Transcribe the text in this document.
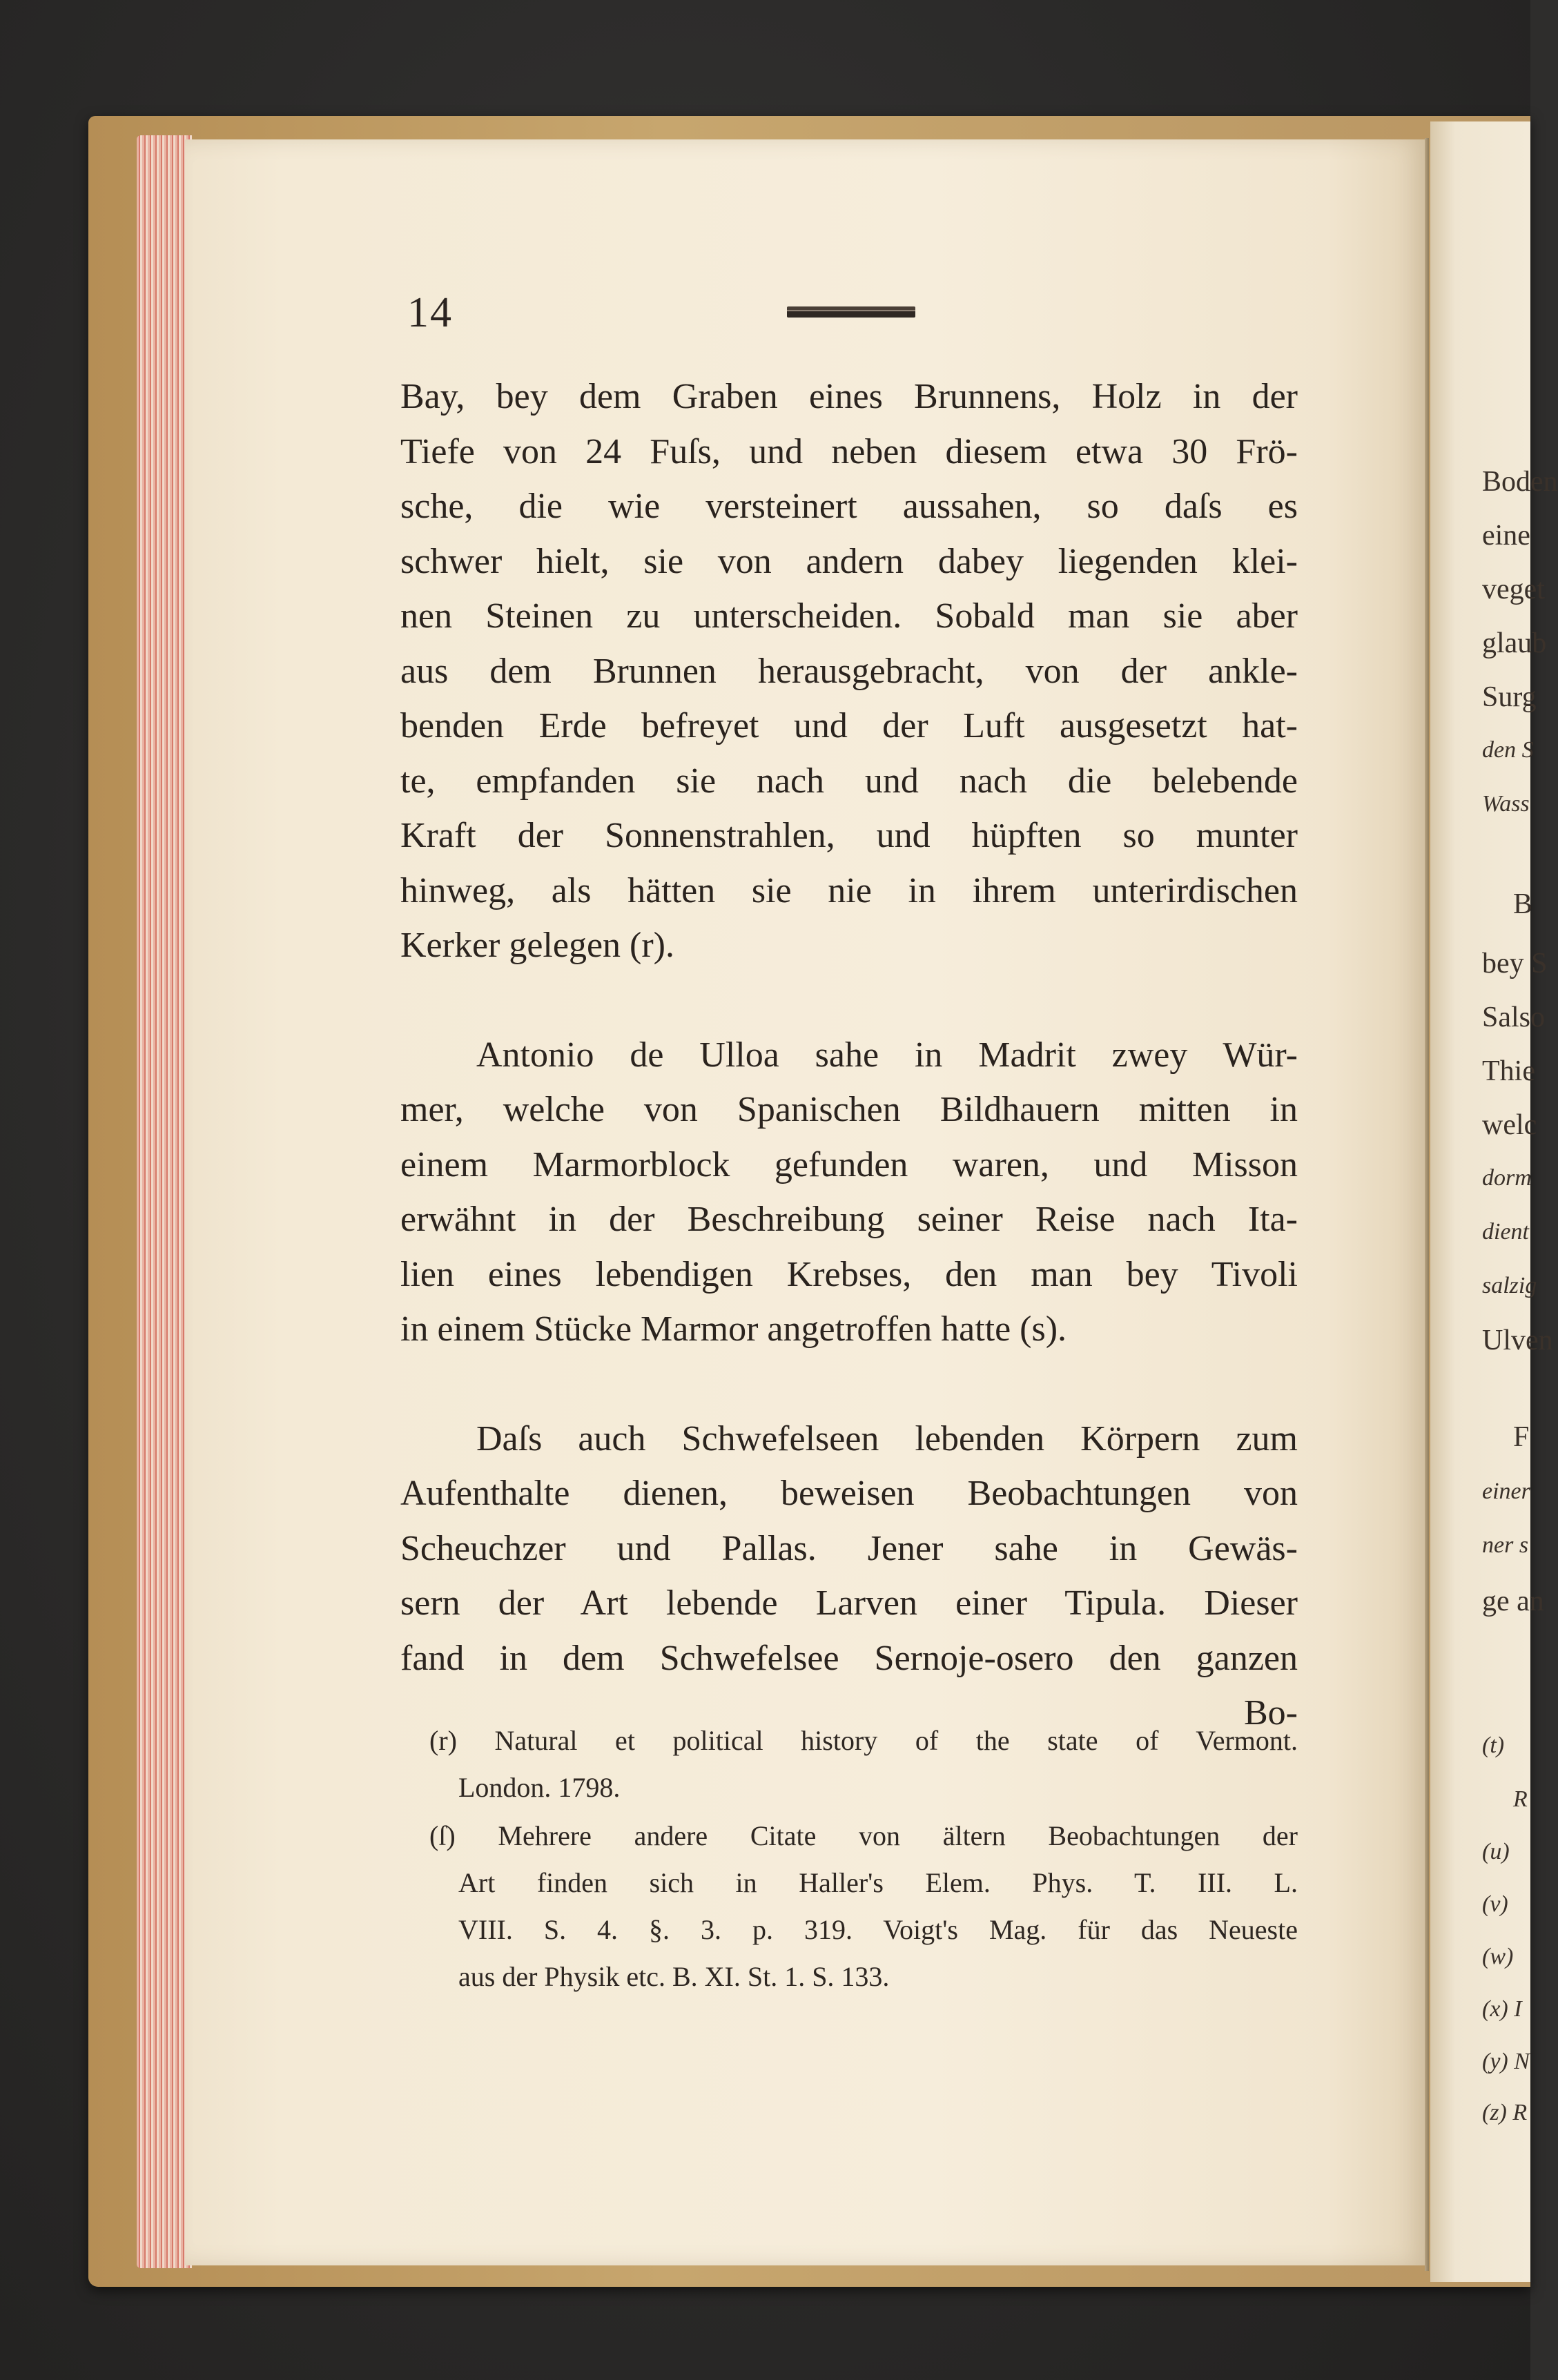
Boden
eine
veget
glaub
Surg
den S
Wass
B
bey S
Salso
Thie
welc
dorm
dient
salzig
Ulven
F
einer
ner s
ge an
(t)
R
(u)
(v)
(w)
(x) I
(y) N
(z) R
14

Bay, bey dem Graben eines Brunnens, Holz in der
Tiefe von 24 Fuſs, und neben diesem etwa 30 Frö-
sche, die wie versteinert aussahen, so daſs es
schwer hielt, sie von andern dabey liegenden klei-
nen Steinen zu unterscheiden. Sobald man sie aber
aus dem Brunnen herausgebracht, von der ankle-
benden Erde befreyet und der Luft ausgesetzt hat-
te, empfanden sie nach und nach die belebende
Kraft der Sonnenstrahlen, und hüpften so munter
hinweg, als hätten sie nie in ihrem unterirdischen
Kerker gelegen (r).

Antonio de Ulloa sahe in Madrit zwey Wür-
mer, welche von Spanischen Bildhauern mitten in
einem Marmorblock gefunden waren, und Misson
erwähnt in der Beschreibung seiner Reise nach Ita-
lien eines lebendigen Krebses, den man bey Tivoli
in einem Stücke Marmor angetroffen hatte (s).

Daſs auch Schwefelseen lebenden Körpern zum
Aufenthalte dienen, beweisen Beobachtungen von
Scheuchzer und Pallas. Jener sahe in Gewäs-
sern der Art lebende Larven einer Tipula. Dieser
fand in dem Schwefelsee Sernoje-osero den ganzen
Bo-

(r) Natural et political history of the state of Vermont.
London. 1798.

(ſ) Mehrere andere Citate von ältern Beobachtungen der
Art finden sich in Haller's Elem. Phys. T. III. L.
VIII. S. 4. §. 3. p. 319. Voigt's Mag. für das Neueste
aus der Physik etc. B. XI. St. 1. S. 133.
